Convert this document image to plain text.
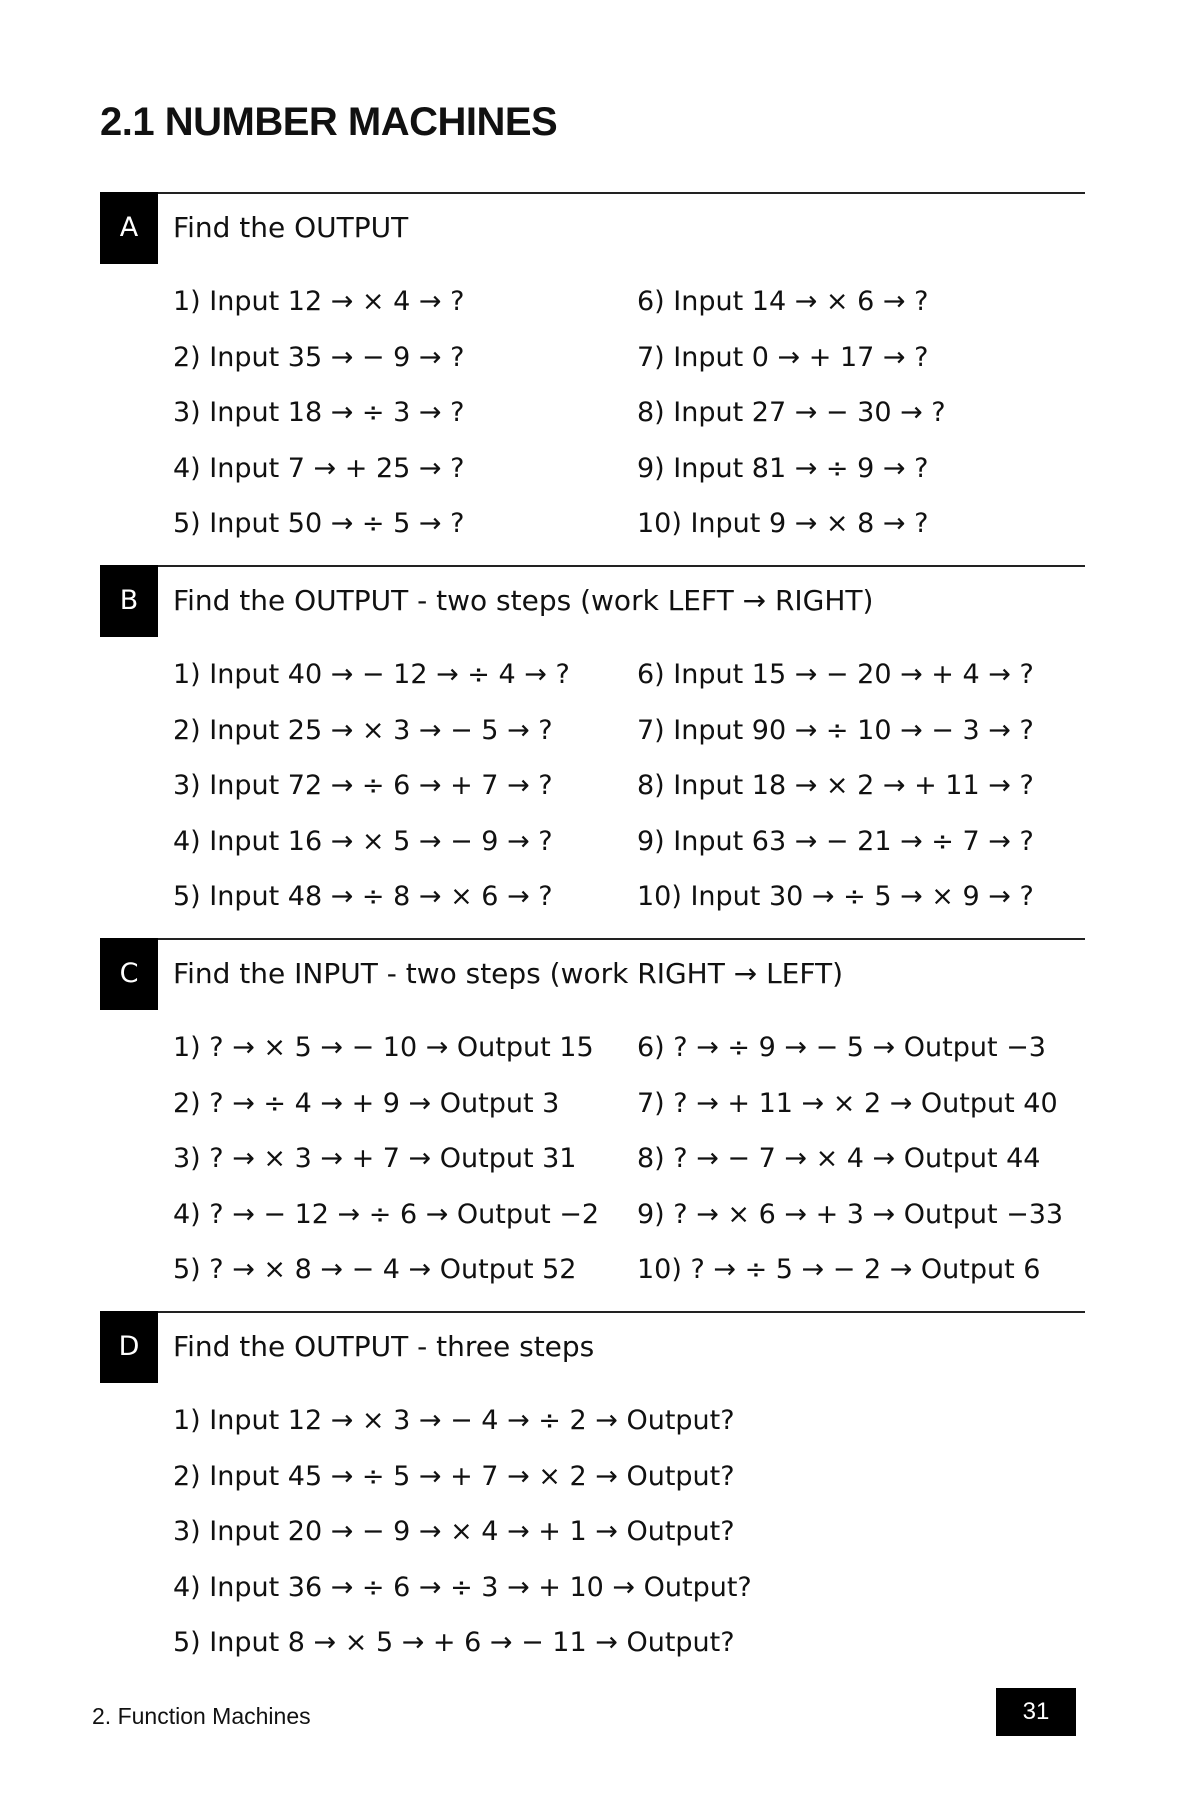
2.1 NUMBER MACHINES
A	Find the OUTPUT
1) Input 12 → × 4 → ?
2) Input 35 → − 9 → ?
3) Input 18 → ÷ 3 → ?
4) Input 7 → + 25 → ?
5) Input 50 → ÷ 5 → ?
6) Input 14 → × 6 → ?
7) Input 0 → + 17 → ?
8) Input 27 → − 30 → ?
9) Input 81 → ÷ 9 → ?
10) Input 9 → × 8 → ?
B	Find the OUTPUT - two steps (work LEFT → RIGHT)
1) Input 40 → − 12 → ÷ 4 → ?
2) Input 25 → × 3 → − 5 → ?
3) Input 72 → ÷ 6 → + 7 → ?
4) Input 16 → × 5 → − 9 → ?
5) Input 48 → ÷ 8 → × 6 → ?
6) Input 15 → − 20 → + 4 → ?
7) Input 90 → ÷ 10 → − 3 → ?
8) Input 18 → × 2 → + 11 → ?
9) Input 63 → − 21 → ÷ 7 → ?
10) Input 30 → ÷ 5 → × 9 → ?
C	Find the INPUT - two steps (work RIGHT → LEFT)
1) ? → × 5 → − 10 → Output 15
2) ? → ÷ 4 → + 9 → Output 3
3) ? → × 3 → + 7 → Output 31
4) ? → − 12 → ÷ 6 → Output −2
5) ? → × 8 → − 4 → Output 52
6) ? → ÷ 9 → − 5 → Output −3
7) ? → + 11 → × 2 → Output 40
8) ? → − 7 → × 4 → Output 44
9) ? → × 6 → + 3 → Output −33
10) ? → ÷ 5 → − 2 → Output 6
D	Find the OUTPUT - three steps
1) Input 12 → × 3 → − 4 → ÷ 2 → Output?
2) Input 45 → ÷ 5 → + 7 → × 2 → Output?
3) Input 20 → − 9 → × 4 → + 1 → Output?
4) Input 36 → ÷ 6 → ÷ 3 → + 10 → Output?
5) Input 8 → × 5 → + 6 → − 11 → Output?
2. Function Machines	31
